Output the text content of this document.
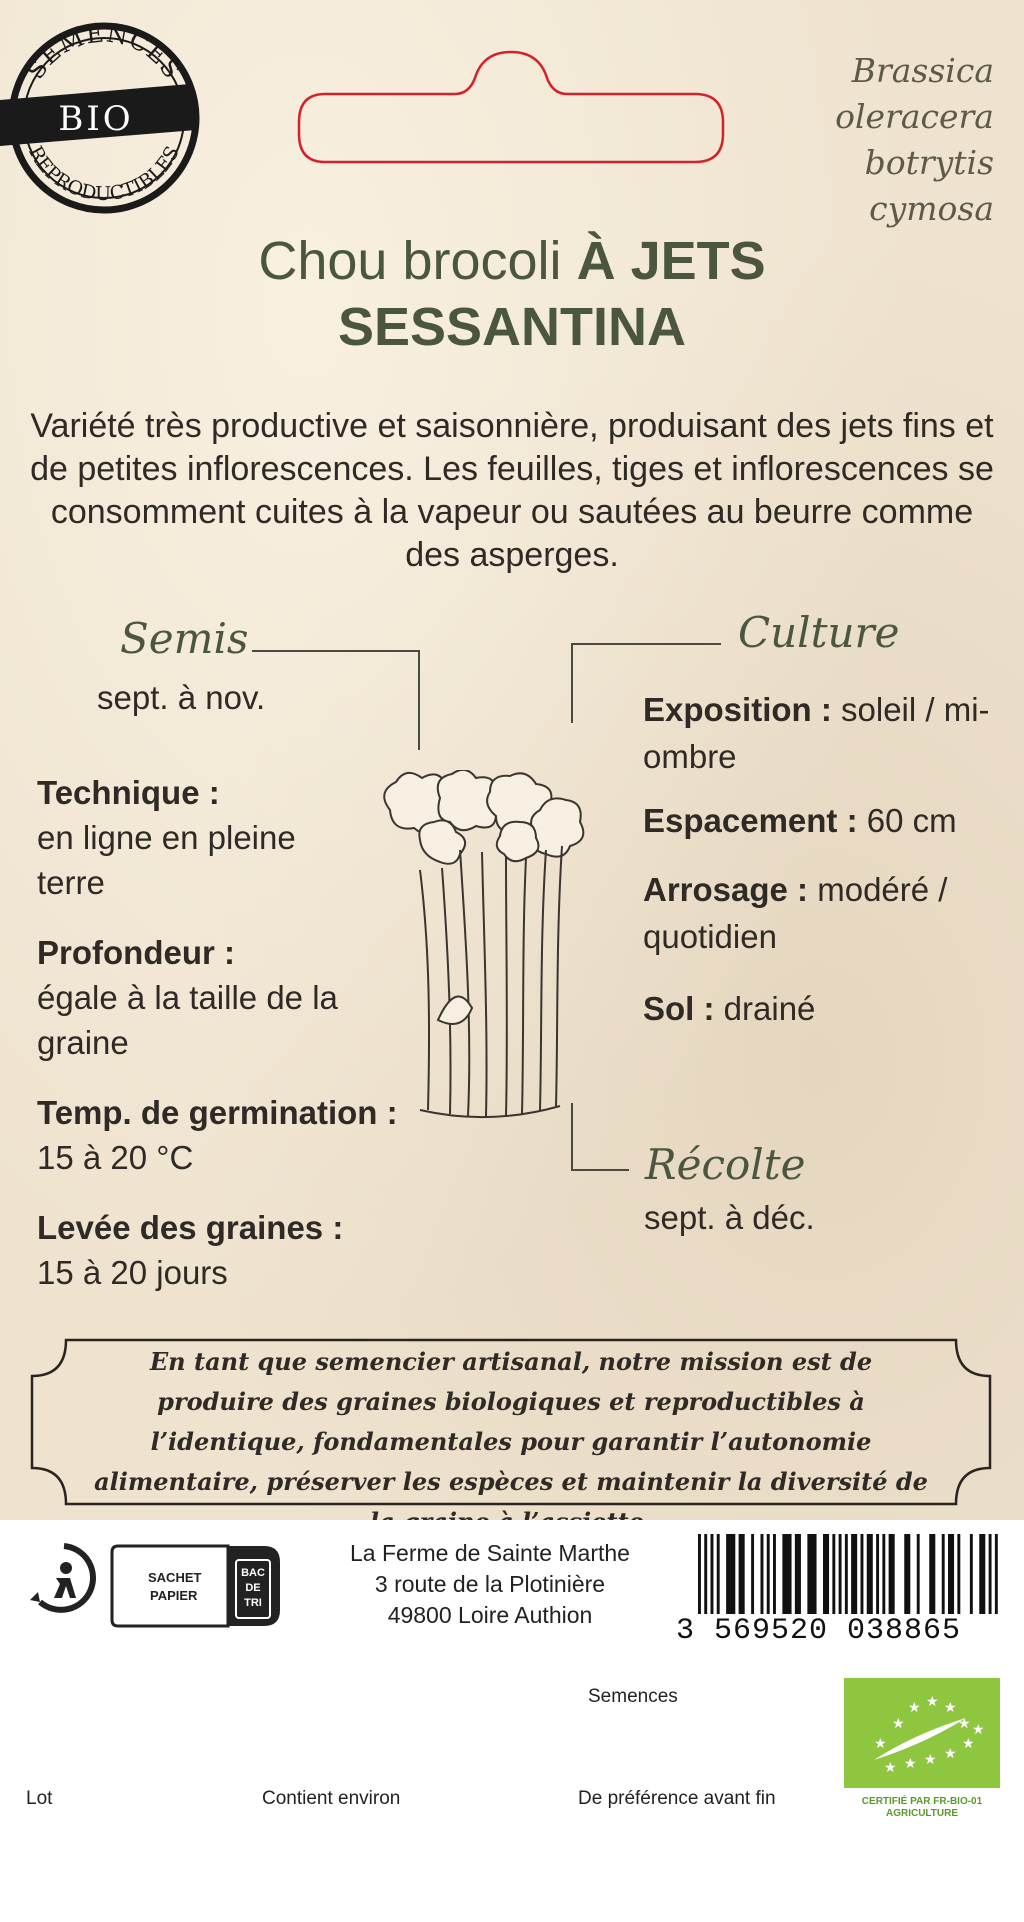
SEMENCES
REPRODUCTIBLES
BIO
Brassica
oleracera
botrytis cymosa
Chou brocoli À JETS
SESSANTINA
Variété très productive et saisonnière, produisant des jets fins et de petites inflorescences. Les feuilles, tiges et inflorescences se consomment cuites à la vapeur ou sautées au beurre comme des asperges.
Semis
sept. à nov.
Culture
Récolte
sept. à déc.
Technique :
en ligne en pleine terre
Profondeur :
égale à la taille de la graine
Temp. de germination :
15 à 20 °C
Levée des graines :
15 à 20 jours
Exposition : soleil / mi-ombre
Espacement : 60 cm
Arrosage : modéré / quotidien
Sol : drainé
En tant que semencier artisanal, notre mission est de produire des graines biologiques et reproductibles à l’identique, fondamentales pour garantir l’autonomie alimentaire, préserver les espèces et maintenir la diversité de
SACHET
PAPIER
BAC
DE
TRI
La Ferme de Sainte Marthe
3 route de la Plotinière
49800 Loire Authion	3 569520 038865
Semences
Lot	Contient environ	De préférence avant fin
★
★ ★ ★
★
★
★ ★ ★ ★
★
★
CERTIFIÉ PAR FR-BIO-01
AGRICULTURE
